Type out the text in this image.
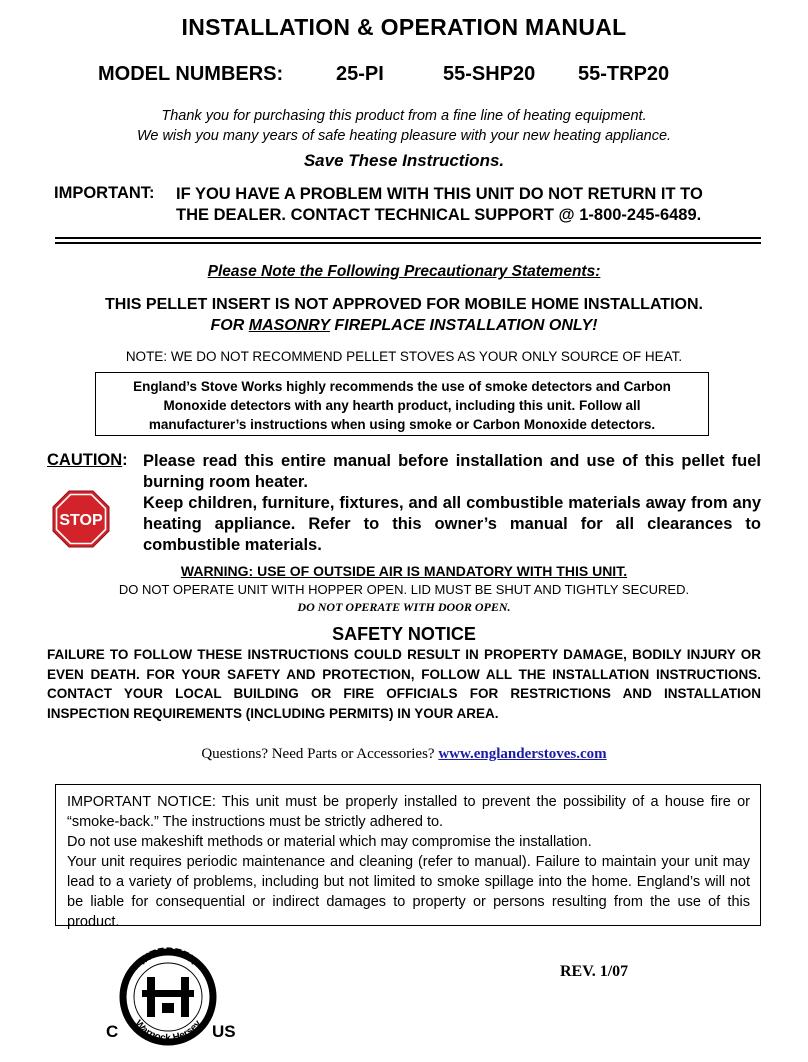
INSTALLATION & OPERATION MANUAL
MODEL NUMBERS:	25-PI	55-SHP20 55-TRP20
Thank you for purchasing this product from a fine line of heating equipment.
We wish you many years of safe heating pleasure with your new heating appliance.
Save These Instructions.
IMPORTANT: IF YOU HAVE A PROBLEM WITH THIS UNIT DO NOT RETURN IT TO
THE DEALER. CONTACT TECHNICAL SUPPORT @ 1-800-245-6489.
Please Note the Following Precautionary Statements:
THIS PELLET INSERT IS NOT APPROVED FOR MOBILE HOME INSTALLATION.
FOR MASONRY FIREPLACE INSTALLATION ONLY!
NOTE: WE DO NOT RECOMMEND PELLET STOVES AS YOUR ONLY SOURCE OF HEAT.
England’s Stove Works highly recommends the use of smoke detectors and Carbon
Monoxide detectors with any hearth product, including this unit. Follow all
manufacturer’s instructions when using smoke or Carbon Monoxide detectors.
CAUTION: Please read this entire manual before installation and use of this pellet fuel burning room heater.

Keep children, furniture, fixtures, and all combustible materials away from any heating appliance. Refer to this owner’s manual for all clearances to combustible materials.

STOP
WARNING: USE OF OUTSIDE AIR IS MANDATORY WITH THIS UNIT.
DO NOT OPERATE UNIT WITH HOPPER OPEN. LID MUST BE SHUT AND TIGHTLY SECURED.
DO NOT OPERATE WITH DOOR OPEN.
SAFETY NOTICE
FAILURE TO FOLLOW THESE INSTRUCTIONS COULD RESULT IN PROPERTY DAMAGE, BODILY INJURY OR EVEN DEATH. FOR YOUR SAFETY AND PROTECTION, FOLLOW ALL THE INSTALLATION INSTRUCTIONS. CONTACT YOUR LOCAL BUILDING OR FIRE OFFICIALS FOR RESTRICTIONS AND INSTALLATION INSPECTION REQUIREMENTS (INCLUDING PERMITS) IN YOUR AREA.
Questions? Need Parts or Accessories? www.englanderstoves.com

IMPORTANT NOTICE: This unit must be properly installed to prevent the possibility of a house fire or “smoke-back.” The instructions must be strictly adhered to.

Do not use makeshift methods or material which may compromise the installation.

Your unit requires periodic maintenance and cleaning (refer to manual). Failure to maintain your unit may lead to a variety of problems, including but not limited to smoke spillage into the home. England’s will not be liable for consequential or indirect damages to property or persons resulting from the use of this product.

INTERTEK
Warnock Hersey
C	US
REV. 1/07
